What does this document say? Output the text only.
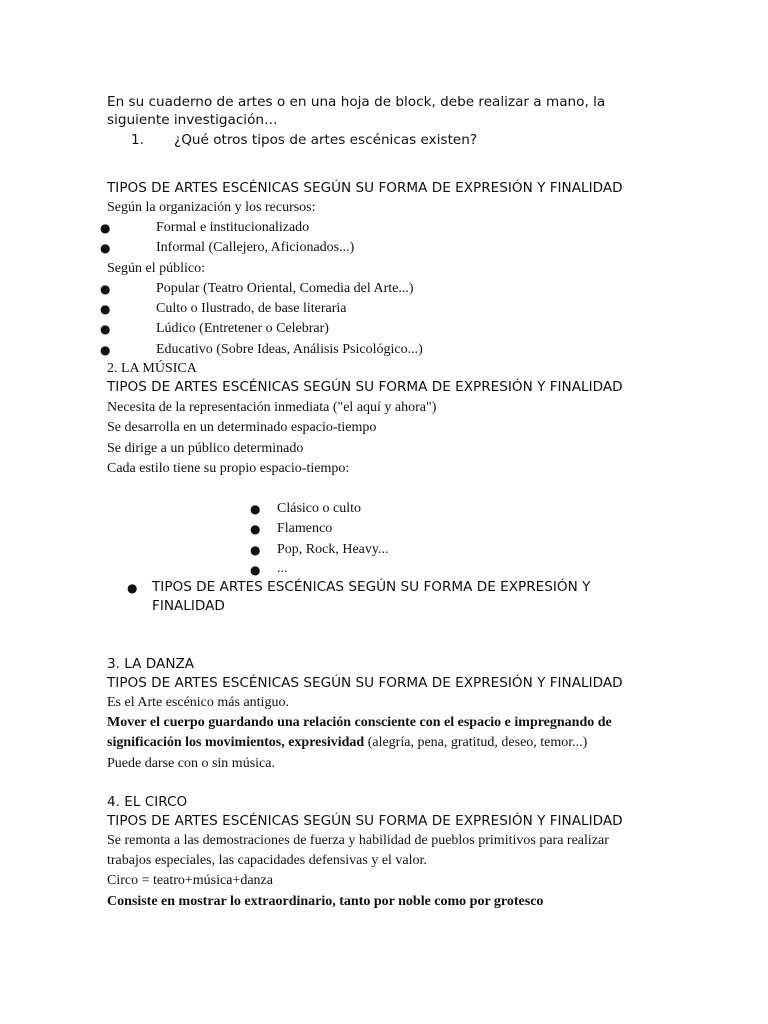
En su cuaderno de artes o en una hoja de block, debe realizar a mano, la
siguiente investigación…
1. ¿Qué otros tipos de artes escénicas existen?
TIPOS DE ARTES ESCÉNICAS SEGÚN SU FORMA DE EXPRESIÓN Y FINALIDAD
Según la organización y los recursos:
●	Formal e institucionalizado
●	Informal (Callejero, Aficionados...)
Según el público:
●	Popular (Teatro Oriental, Comedia del Arte...)
●	Culto o Ilustrado, de base literaria
●	Lúdico (Entretener o Celebrar)
●	Educativo (Sobre Ideas, Análisis Psicológico...)
2. LA MÚSICA
TIPOS DE ARTES ESCÉNICAS SEGÚN SU FORMA DE EXPRESIÓN Y FINALIDAD
Necesita de la representación inmediata ("el aquí y ahora")
Se desarrolla en un determinado espacio-tiempo
Se dirige a un público determinado
Cada estilo tiene su propio espacio-tiempo:
● Clásico o culto
● Flamenco
● Pop, Rock, Heavy...
● ...
● TIPOS DE ARTES ESCÉNICAS SEGÚN SU FORMA DE EXPRESIÓN Y
FINALIDAD
3. LA DANZA
TIPOS DE ARTES ESCÉNICAS SEGÚN SU FORMA DE EXPRESIÓN Y FINALIDAD
Es el Arte escénico más antiguo.
Mover el cuerpo guardando una relación consciente con el espacio e impregnando de
significación los movimientos, expresividad (alegría, pena, gratitud, deseo, temor...)
Puede darse con o sin música.
4. EL CIRCO
TIPOS DE ARTES ESCÉNICAS SEGÚN SU FORMA DE EXPRESIÓN Y FINALIDAD
Se remonta a las demostraciones de fuerza y habilidad de pueblos primitivos para realizar
trabajos especiales, las capacidades defensivas y el valor.
Circo = teatro+música+danza
Consiste en mostrar lo extraordinario, tanto por noble como por grotesco
